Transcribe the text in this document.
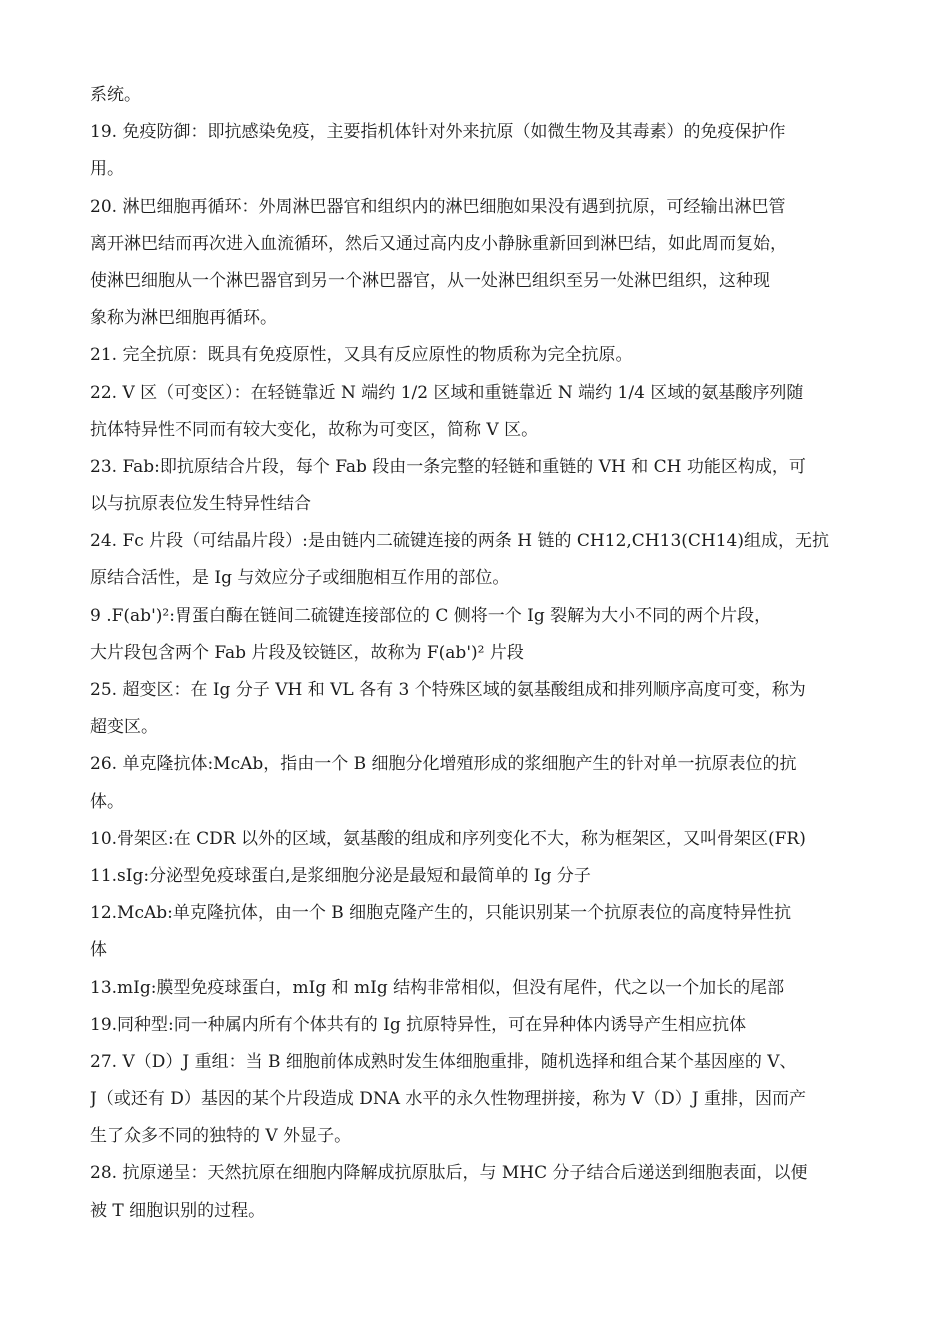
系统。
19. 免疫防御：即抗感染免疫，主要指机体针对外来抗原（如微生物及其毒素）的免疫保护作
用。
20. 淋巴细胞再循环：外周淋巴器官和组织内的淋巴细胞如果没有遇到抗原，可经输出淋巴管
离开淋巴结而再次进入血流循环，然后又通过高内皮小静脉重新回到淋巴结，如此周而复始，
使淋巴细胞从一个淋巴器官到另一个淋巴器官，从一处淋巴组织至另一处淋巴组织，这种现
象称为淋巴细胞再循环。
21. 完全抗原：既具有免疫原性，又具有反应原性的物质称为完全抗原。
22. V 区（可变区）：在轻链靠近 N 端约 1/2 区域和重链靠近 N 端约 1/4 区域的氨基酸序列随
抗体特异性不同而有较大变化，故称为可变区，简称 V 区。
23. Fab:即抗原结合片段，每个 Fab 段由一条完整的轻链和重链的 VH 和 CH 功能区构成，可
以与抗原表位发生特异性结合
24. Fc 片段（可结晶片段）:是由链内二硫键连接的两条 H 链的 CH12,CH13(CH14)组成，无抗
原结合活性，是 Ig 与效应分子或细胞相互作用的部位。
9 .F(ab')²:胃蛋白酶在链间二硫键连接部位的 C 侧将一个 Ig 裂解为大小不同的两个片段，
大片段包含两个 Fab 片段及铰链区，故称为 F(ab')² 片段
25. 超变区：在 Ig 分子 VH 和 VL 各有 3 个特殊区域的氨基酸组成和排列顺序高度可变，称为
超变区。
26. 单克隆抗体:McAb，指由一个 B 细胞分化增殖形成的浆细胞产生的针对单一抗原表位的抗
体。
10.骨架区:在 CDR 以外的区域，氨基酸的组成和序列变化不大，称为框架区，又叫骨架区(FR)
11.sIg:分泌型免疫球蛋白,是浆细胞分泌是最短和最简单的 Ig 分子
12.McAb:单克隆抗体，由一个 B 细胞克隆产生的，只能识别某一个抗原表位的高度特异性抗
体
13.mIg:膜型免疫球蛋白，mIg 和 mIg 结构非常相似，但没有尾件，代之以一个加长的尾部
19.同种型:同一种属内所有个体共有的 Ig 抗原特异性，可在异种体内诱导产生相应抗体
27. V（D）J 重组：当 B 细胞前体成熟时发生体细胞重排，随机选择和组合某个基因座的 V、
J（或还有 D）基因的某个片段造成 DNA 水平的永久性物理拼接，称为 V（D）J 重排，因而产
生了众多不同的独特的 V 外显子。
28. 抗原递呈：天然抗原在细胞内降解成抗原肽后，与 MHC 分子结合后递送到细胞表面，以便
被 T 细胞识别的过程。
